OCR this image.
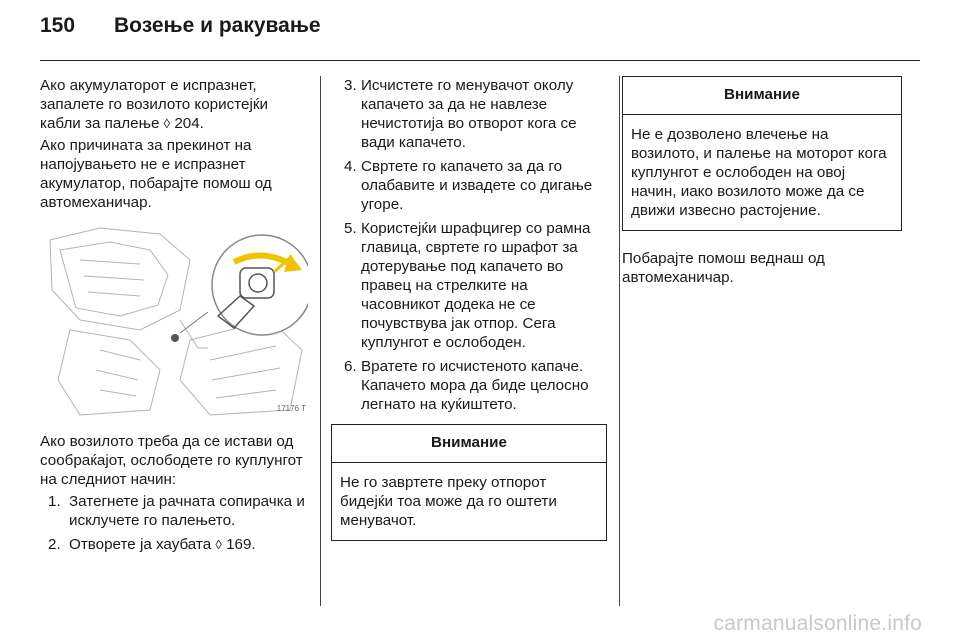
150	Возење и ракување

Ако акумулаторот е испразнет, запалете го возилото користејќи кабли за палење ◊ 204.

Ако причината за прекинот на напојувањето не е испразнет акумулатор, побарајте помош од автомеханичар.

17176 T

Ако возилото треба да се истави од сообраќајот, ослободете го куплунгот на следниот начин:

1. Затегнете ја рачната сопирачка и исклучете го палењето.
2. Отворете ја хаубата ◊ 169.
3. Исчистете го менувачот околу капачето за да не навлезе нечистотија во отворот кога се вади капачето.
4. Свртете го капачето за да го олабавите и извадете со дигање угоре.
5. Користејќи шрафцигер со рамна главица, свртете го шрафот за дотерување под капачето во правец на стрелките на часовникот додека не се почувствува јак отпор. Сега куплунгот е ослободен.
6. Вратете го исчистеното капаче. Капачето мора да биде целосно легнато на куќиштето.
Внимание
Не го завртете преку отпорот бидејќи тоа може да го оштети менувачот.
Внимание
Не е дозволено влечење на возилото, и палење на моторот кога куплунгот е ослободен на овој начин, иако возилото може да се движи извесно растојение.

Побарајте помош веднаш од автомеханичар.

carmanualsonline.info
